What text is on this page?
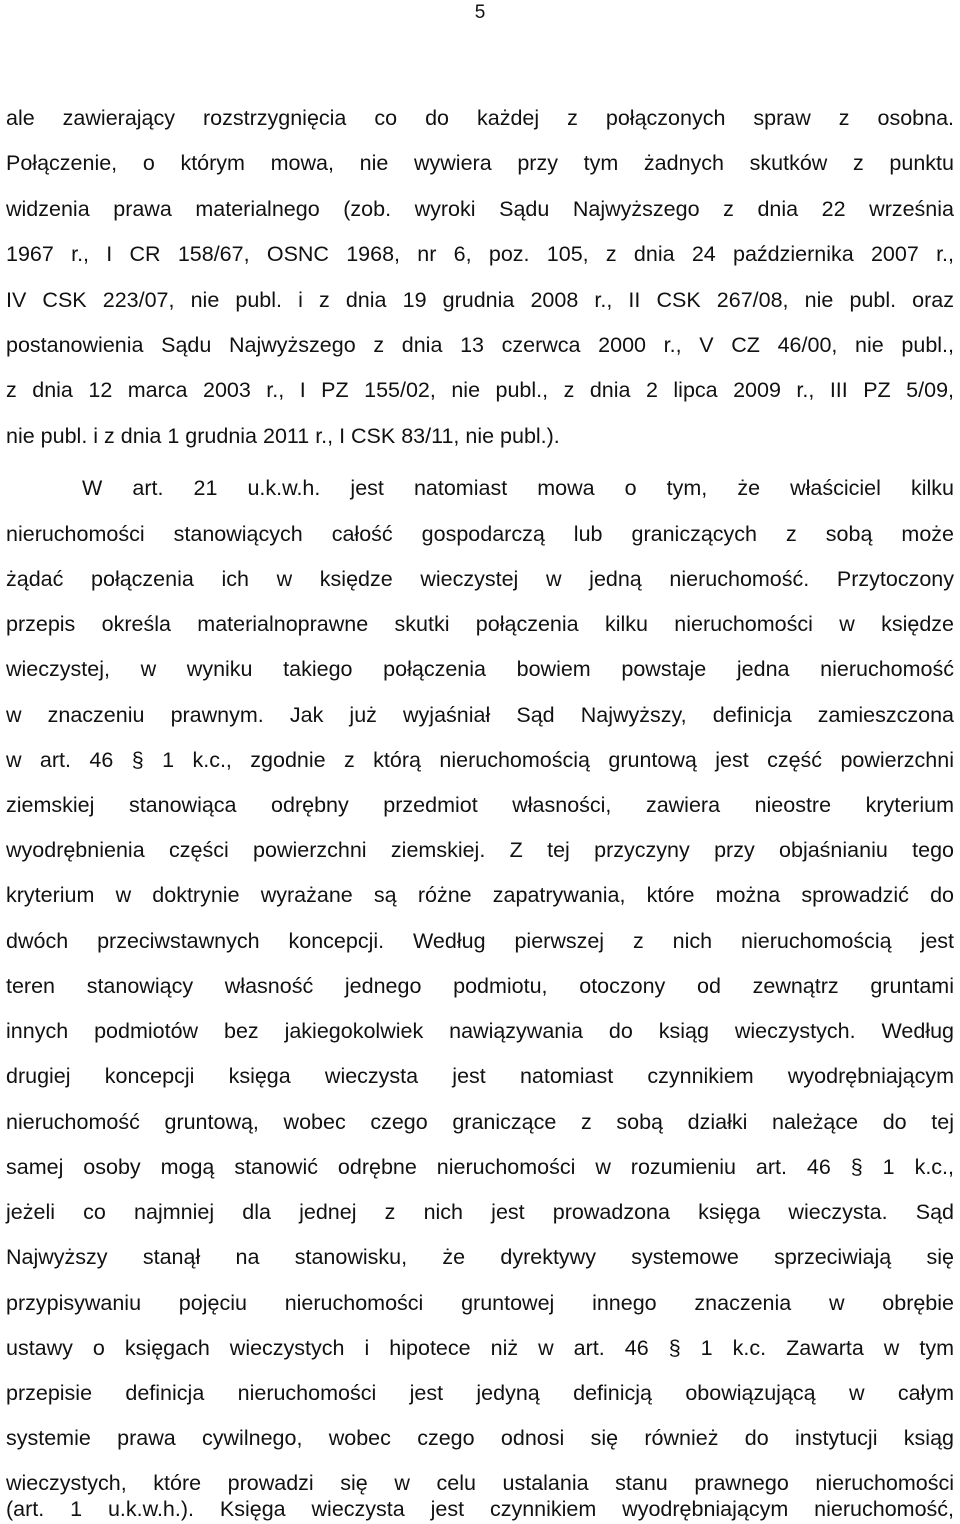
5
ale zawierający rozstrzygnięcia co do każdej z połączonych spraw z osobna.
Połączenie, o którym mowa, nie wywiera przy tym żadnych skutków z punktu
widzenia prawa materialnego (zob. wyroki Sądu Najwyższego z dnia 22 września
1967 r., I CR 158/67, OSNC 1968, nr 6, poz. 105, z dnia 24 października 2007 r.,
IV CSK 223/07, nie publ. i z dnia 19 grudnia 2008 r., II CSK 267/08, nie publ. oraz
postanowienia Sądu Najwyższego z dnia 13 czerwca 2000 r., V CZ 46/00, nie publ.,
z dnia 12 marca 2003 r., I PZ 155/02, nie publ., z dnia 2 lipca 2009 r., III PZ 5/09,
nie publ. i z dnia 1 grudnia 2011 r., I CSK 83/11, nie publ.).
W art. 21 u.k.w.h. jest natomiast mowa o tym, że właściciel kilku
nieruchomości stanowiących całość gospodarczą lub graniczących z sobą może
żądać połączenia ich w księdze wieczystej w jedną nieruchomość. Przytoczony
przepis określa materialnoprawne skutki połączenia kilku nieruchomości w księdze
wieczystej, w wyniku takiego połączenia bowiem powstaje jedna nieruchomość
w znaczeniu prawnym. Jak już wyjaśniał Sąd Najwyższy, definicja zamieszczona
w art. 46 § 1 k.c., zgodnie z którą nieruchomością gruntową jest część powierzchni
ziemskiej stanowiąca odrębny przedmiot własności, zawiera nieostre kryterium
wyodrębnienia części powierzchni ziemskiej. Z tej przyczyny przy objaśnianiu tego
kryterium w doktrynie wyrażane są różne zapatrywania, które można sprowadzić do
dwóch przeciwstawnych koncepcji. Według pierwszej z nich nieruchomością jest
teren stanowiący własność jednego podmiotu, otoczony od zewnątrz gruntami
innych podmiotów bez jakiegokolwiek nawiązywania do ksiąg wieczystych. Według
drugiej koncepcji księga wieczysta jest natomiast czynnikiem wyodrębniającym
nieruchomość gruntową, wobec czego graniczące z sobą działki należące do tej
samej osoby mogą stanowić odrębne nieruchomości w rozumieniu art. 46 § 1 k.c.,
jeżeli co najmniej dla jednej z nich jest prowadzona księga wieczysta. Sąd
Najwyższy stanął na stanowisku, że dyrektywy systemowe sprzeciwiają się
przypisywaniu pojęciu nieruchomości gruntowej innego znaczenia w obrębie
ustawy o księgach wieczystych i hipotece niż w art. 46 § 1 k.c. Zawarta w tym
przepisie definicja nieruchomości jest jedyną definicją obowiązującą w całym
systemie prawa cywilnego, wobec czego odnosi się również do instytucji ksiąg
wieczystych, które prowadzi się w celu ustalania stanu prawnego nieruchomości
(art. 1 u.k.w.h.). Księga wieczysta jest czynnikiem wyodrębniającym nieruchomość,
